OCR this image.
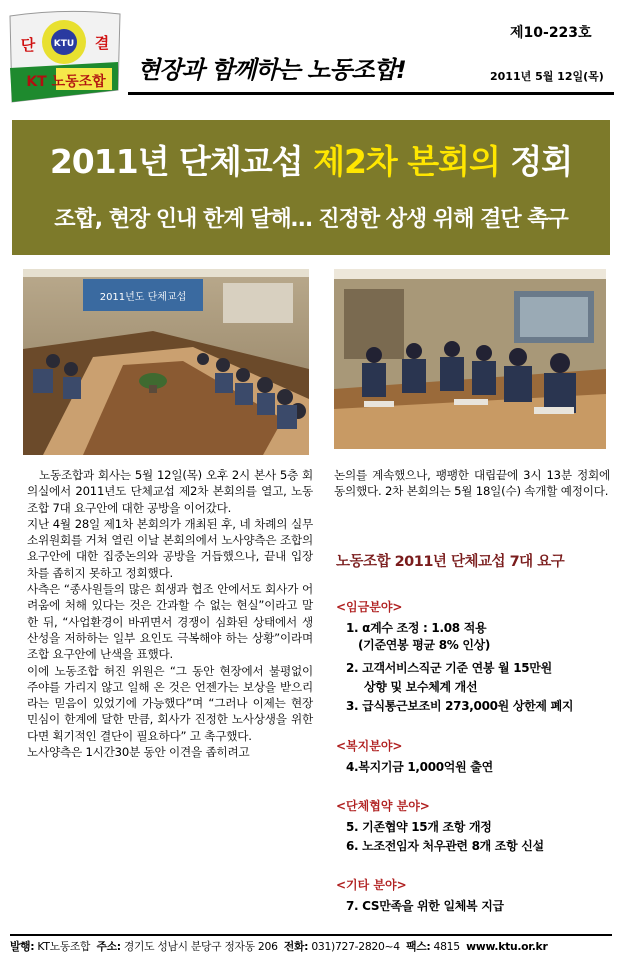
KTU
단	결
KT 노동조합 현장과 함께하는 노동조합!
제10-223호
2011년 5월 12일(목)
2011년 단체교섭 제2차 본회의 정회
조합, 현장 인내 한계 달해… 진정한 상생 위해 결단 촉구
2011년도 단체교섭

노동조합과 회사는 5월 12일(목) 오후 2시 본사 5층 회의실에서 2011년도 단체교섭 제2차 본회의를 열고, 노동조합 7대 요구안에 대한 공방을 이어갔다.

지난 4월 28일 제1차 본회의가 개최된 후, 네 차례의 실무소위원회를 거쳐 열린 이날 본회의에서 노사양측은 조합의 요구안에 대한 집중논의와 공방을 거듭했으나, 끝내 입장차를 좁히지 못하고 정회했다.

사측은 “종사원들의 많은 희생과 협조 안에서도 회사가 어려움에 처해 있다는 것은 간과할 수 없는 현실”이라고 말한 뒤, “사업환경이 바뀌면서 경쟁이 심화된 상태에서 생산성을 저하하는 일부 요인도 극복해야 하는 상황”이라며 조합 요구안에 난색을 표했다.

이에 노동조합 허진 위원은 “그 동안 현장에서 불평없이 주야를 가리지 않고 일해 온 것은 언젠가는 보상을 받으리라는 믿음이 있었기에 가능했다”며 “그러나 이제는 현장 민심이 한계에 달한 만큼, 회사가 진정한 노사상생을 위한다면 획기적인 결단이 필요하다” 고 촉구했다.

노사양측은 1시간30분 동안 이견을 좁히려고

논의를 계속했으나, 팽팽한 대립끝에 3시 13분 정회에 동의했다. 2차 본회의는 5월 18일(수) 속개할 예정이다.
노동조합 2011년 단체교섭 7대 요구
<임금분야>
1. α계수 조정 : 1.08 적용
(기준연봉 평균 8% 인상)
2. 고객서비스직군 기준 연봉 월 15만원
상향 및 보수체계 개선
3. 급식통근보조비 273,000원 상한제 폐지
<복지분야>
4.복지기금 1,000억원 출연
<단체협약 분야>
5. 기존협약 15개 조항 개정
6. 노조전임자 처우관련 8개 조항 신설
<기타 분야>
7. CS만족을 위한 일체복 지급
발행: KT노동조합 주소: 경기도 성남시 분당구 정자동 206 전화: 031)727-2820~4 팩스: 4815 www.ktu.or.kr
